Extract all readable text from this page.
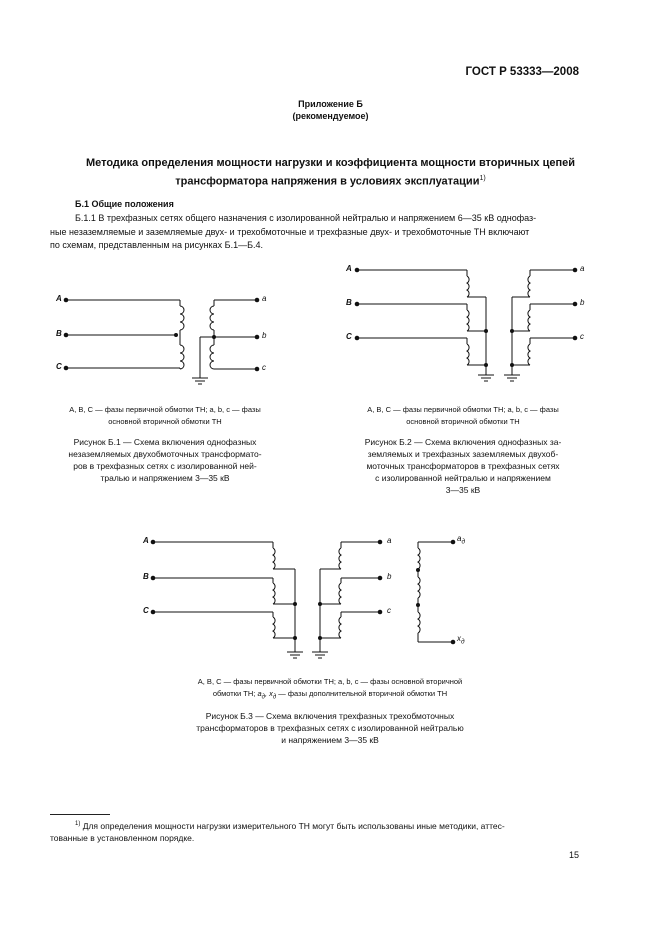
ГОСТ Р 53333—2008
Приложение Б
(рекомендуемое)
Методика определения мощности нагрузки и коэффициента мощности вторичных цепей
трансформатора напряжения в условиях эксплуатации$^{1)}$
Б.1 Общие положения
Б.1.1 В трехфазных сетях общего назначения с изолированной нейтралью и напряжением 6—35 кВ однофаз-
ные незаземляемые и заземляемые двух- и трехобмоточные и трехфазные двух- и трехобмоточные ТН включают
по схемам, представленным на рисунках Б.1—Б.4.
A
B
C
a
b
c
A, B, C — фазы первичной обмотки ТН; a, b, c — фазы
основной вторичной обмотки ТН
Рисунок Б.1 — Схема включения однофазных
незаземляемых двухобмоточных трансформато-
ров в трехфазных сетях с изолированной ней-
тралью и напряжением 3—35 кВ
A
B
C
a
b
c
A, B, C — фазы первичной обмотки ТН; a, b, c — фазы
основной вторичной обмотки ТН
Рисунок Б.2 — Схема включения однофазных за-
земляемых и трехфазных заземляемых двухоб-
моточных трансформаторов в трехфазных сетях
с изолированной нейтралью и напряжением
3—35 кВ
A
B
C
a
b
c
$a_д$
$x_д$
A, B, C — фазы первичной обмотки ТН; a, b, c — фазы основной вторичной
обмотки ТН; $a_д$, $x_д$ — фазы дополнительной вторичной обмотки ТН
Рисунок Б.3 — Схема включения трехфазных трехобмоточных
трансформаторов в трехфазных сетях с изолированной нейтралью
и напряжением 3—35 кВ
$^{1)}$ Для определения мощности нагрузки измерительного ТН могут быть использованы иные методики, аттес-
тованные в установленном порядке.
15
